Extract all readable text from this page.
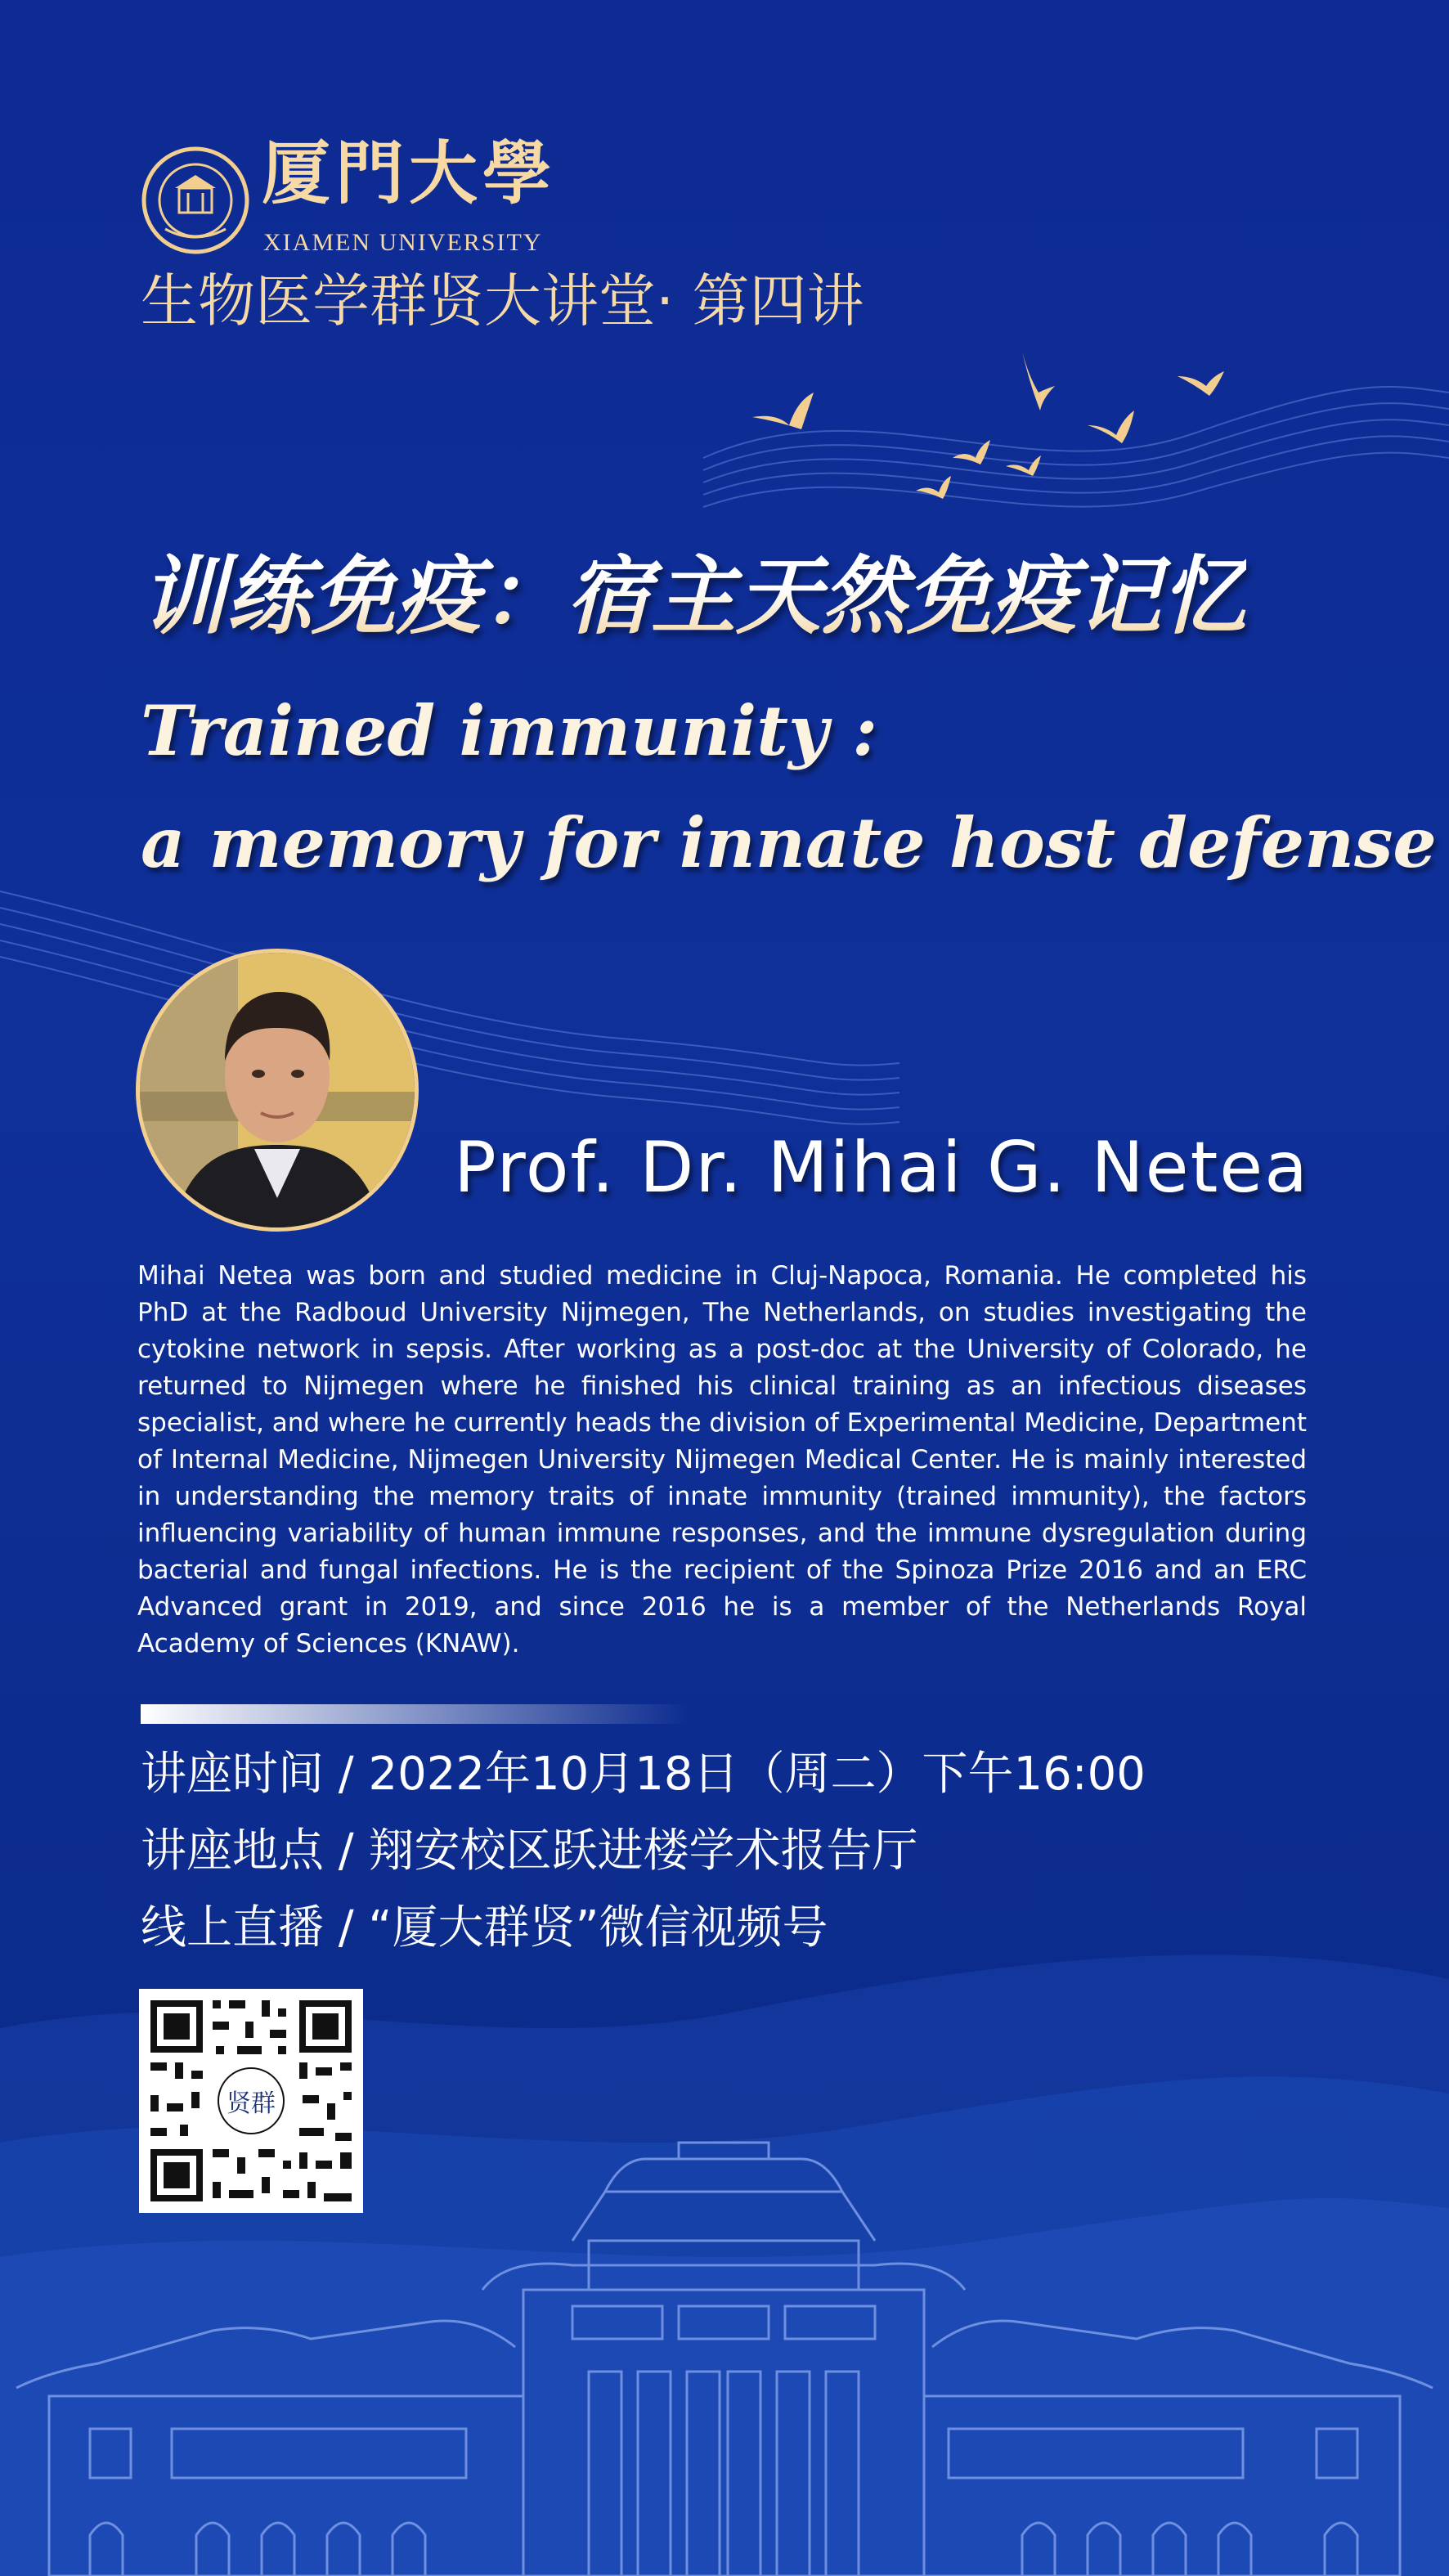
厦門大學
XIAMEN UNIVERSITY
生物医学群贤大讲堂· 第四讲
训练免疫：宿主天然免疫记忆
Trained immunity :
a memory for innate host defense
Prof. Dr. Mihai G. Netea
Mihai Netea was born and studied medicine in Cluj-Napoca, Romania. He completed his PhD at the Radboud University Nijmegen, The Netherlands, on studies investigating the cytokine network in sepsis. After working as a post-doc at the University of Colorado, he returned to Nijmegen where he finished his clinical training as an infectious diseases specialist, and where he currently heads the division of Experimental Medicine, Department of Internal Medicine, Nijmegen University Nijmegen Medical Center. He is mainly interested in understanding the memory traits of innate immunity (trained immunity), the factors influencing variability of human immune responses, and the immune dysregulation during bacterial and fungal infections. He is the recipient of the Spinoza Prize 2016 and an ERC Advanced grant in 2019, and since 2016 he is a member of the Netherlands Royal Academy of Sciences (KNAW).
讲座时间 / 2022年10月18日（周二）下午16:00
讲座地点 / 翔安校区跃进楼学术报告厅
线上直播 / “厦大群贤”微信视频号
贤群
